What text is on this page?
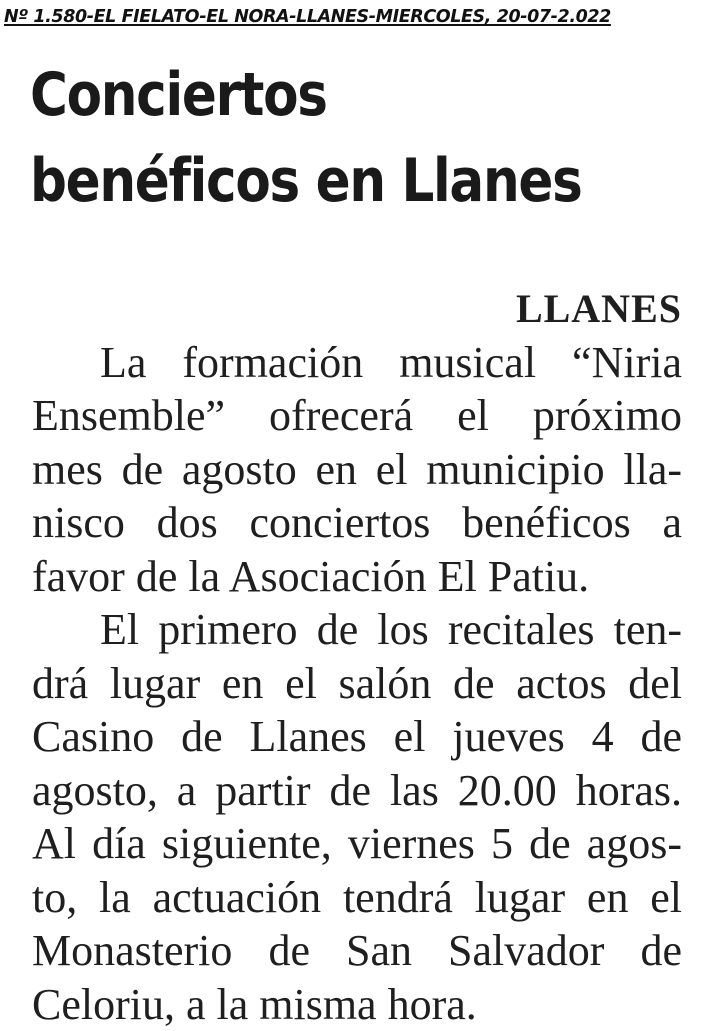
Nº 1.580-EL FIELATO-EL NORA-LLANES-MIERCOLES, 20-07-2.022
Conciertos
benéficos en Llanes

LLANES

La formación musical “Niria
Ensemble” ofrecerá el próximo
mes de agosto en el municipio lla-
nisco dos conciertos benéficos a
favor de la Asociación El Patiu.

El primero de los recitales ten-
drá lugar en el salón de actos del
Casino de Llanes el jueves 4 de
agosto, a partir de las 20.00 horas.
Al día siguiente, viernes 5 de agos-
to, la actuación tendrá lugar en el
Monasterio de San Salvador de
Celoriu, a la misma hora.
